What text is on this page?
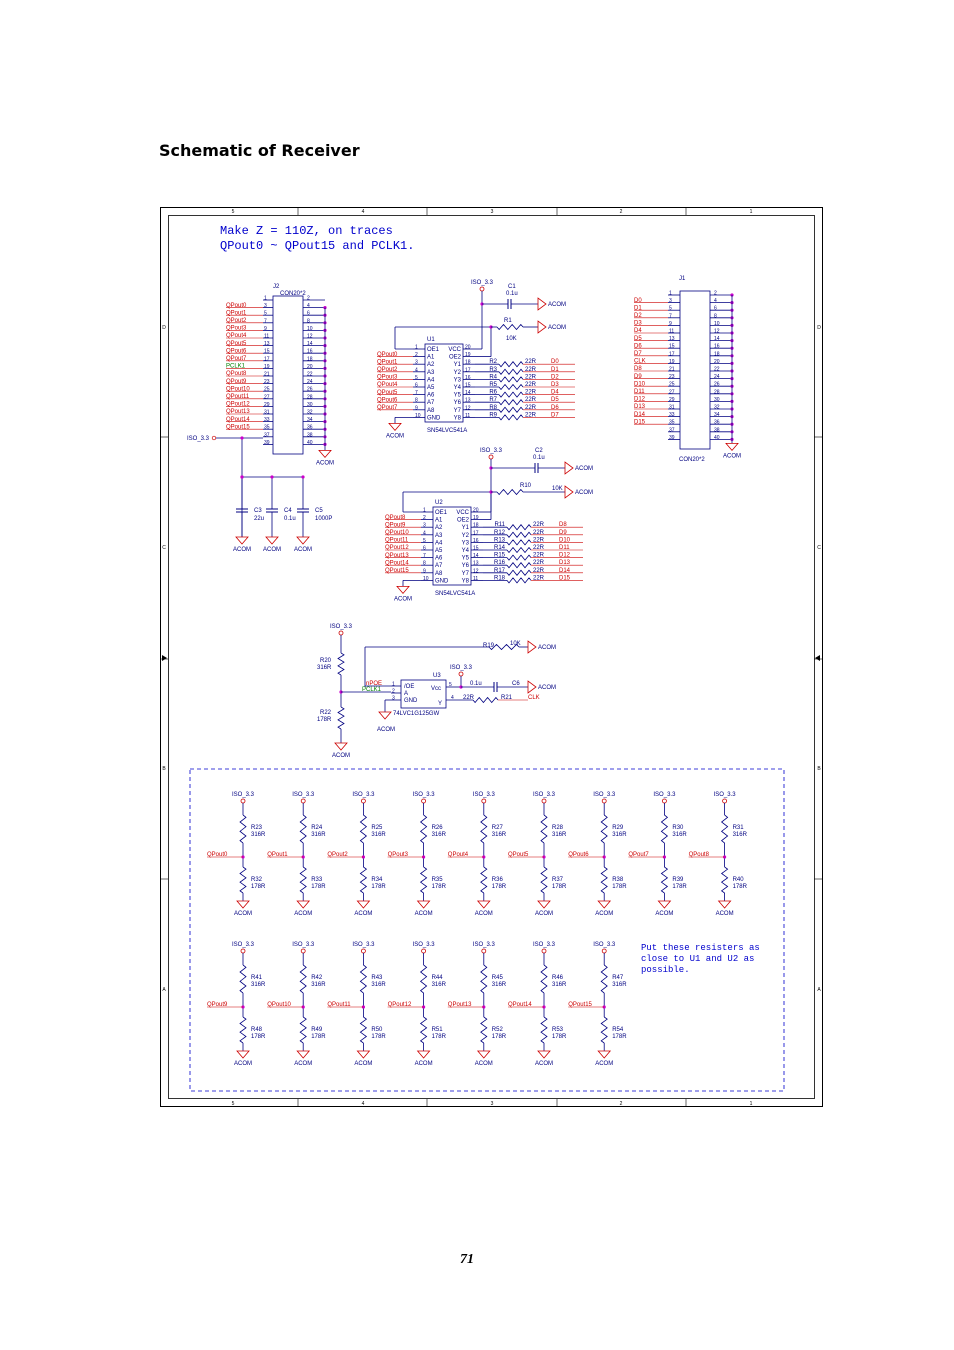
Schematic of Receiver
5
5
4
4
3
3
2
2
1
1
D	D
C	C
B	B
A	A
Make Z = 110Z, on traces
QPout0 ~ QPout15 and PCLK1.
J2
CON20*2
1	2
3	4
5	6
7	8
9	10
11	12
13	14
15	16
17	18
19	20
21	22
23	24
25	26
27	28
29	30
31	32
33	34
35	36
37	38
39	40
ACOM
QPout0
QPout1
QPout2
QPout3
QPout4
QPout5
QPout6
QPout7
PCLK1
QPout8
QPout9
QPout10
QPout11
QPout12
QPout13
QPout14
QPout15
ISO_3.3
ACOM
C3
22u
ACOM
C4
0.1u
ACOM
C5
1000P
U1
SN54LVC541A
1	20
OE1 VCC
2	19
A1 OE2
3	18
A2	Y1
4	17
A3	Y2
5	16
A4	Y3
6	15
A5	Y4
7	14
A6	Y5
8	13
A7	Y6
9	12
A8	Y7
10	11
GND Y8
QPout0
QPout1
QPout2
QPout3
QPout4
QPout5
QPout6
QPout7
R2	22R D0
R3	22R D1
R4	22R D2
R5	22R D3
R6	22R D4
R7	22R D5
R8	22R D6
R9	22R D7
ACOM
ISO_3.3
ACOM
C1
0.1u
ACOM
R1
10K
U2
SN54LVC541A
1	20
OE1 VCC
2	19
A1 OE2
3	18
A2	Y1
4	17
A3	Y2
5	16
A4	Y3
6	15
A5	Y4
7	14
A6	Y5
8	13
A7	Y6
9	12
A8	Y7
10	11
GND Y8
QPout8
QPout9
QPout10
QPout11
QPout12
QPout13
QPout14
QPout15
R11	22R D8
R12	22R D9
R13	22R D10
R14	22R D11
R15	22R D12
R16	22R D13
R17	22R D14
R18	22R D15
ACOM
ISO_3.3
ACOM
C2
0.1u
ACOM
R10	10K
J1
CON20*2
1	2
3	4
5	6
7	8
9	10
11	12
13	14
15	16
17	18
19	20
21	22
23	24
25	26
27	28
29	30
31	32
33	34
35	36
37	38
39	40
ACOM
D0
D1
D2
D3
D4
D5
D6
D7
CLK
D8
D9
D10
D11
D12
D13
D14
D15
ISO_3.3
R20
316R
R22
178R
ACOM
nPOE
ACOM
R19	10K
PCLK1
U3
74LVC1G125GW
1 /OE
2 A
3 GND
ACOM
5
Vcc
ISO_3.3
ACOM
0.1u	C6
4
Y
22R	R21	CLK
ISO_3.3
R23
316R
QPout0
R32
178R
ACOM
ISO_3.3
R24
316R
QPout1
R33
178R
ACOM
ISO_3.3
R25
316R
QPout2
R34
178R
ACOM
ISO_3.3
R26
316R
QPout3
R35
178R
ACOM
ISO_3.3
R27
316R
QPout4
R36
178R
ACOM
ISO_3.3
R28
316R
QPout5
R37
178R
ACOM
ISO_3.3
R29
316R
QPout6
R38
178R
ACOM
ISO_3.3
R30
316R
QPout7
R39
178R
ACOM
ISO_3.3
R31
316R
QPout8
R40
178R
ACOM
ISO_3.3
R41
316R
QPout9
R48
178R
ACOM
ISO_3.3
R42
316R
QPout10
R49
178R
ACOM
ISO_3.3
R43
316R
QPout11
R50
178R
ACOM
ISO_3.3
R44
316R
QPout12
R51
178R
ACOM
ISO_3.3
R45
316R
QPout13
R52
178R
ACOM
ISO_3.3
R46
316R
QPout14
R53
178R
ACOM
ISO_3.3
R47
316R
QPout15
R54
178R
ACOM
Put these resisters as
close to U1 and U2 as
possible.
71
